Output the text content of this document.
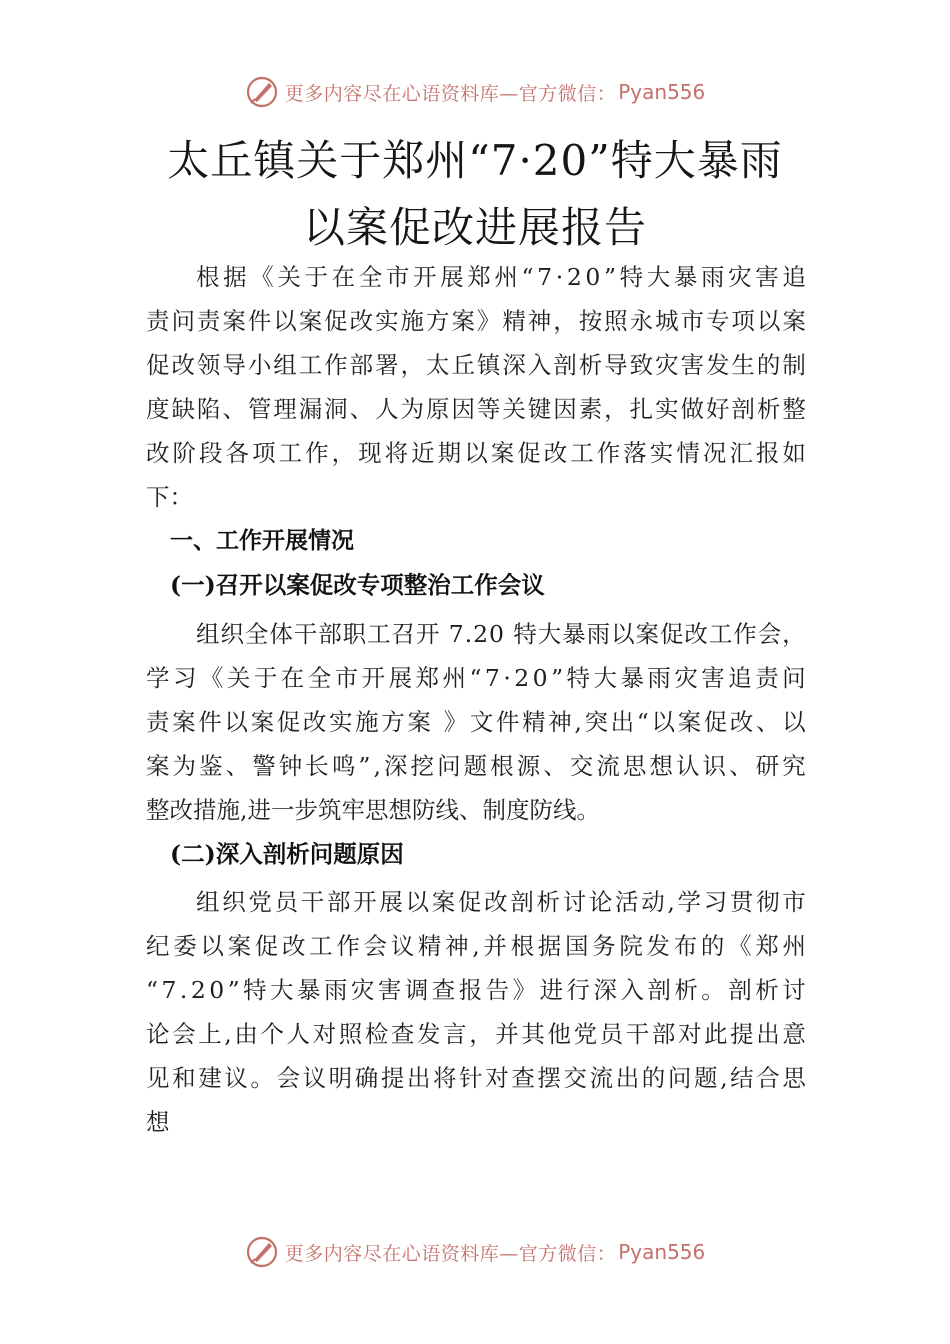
更多内容尽在心语资料库—官方微信： Pyan556
太丘镇关于郑州“7·20”特大暴雨
以案促改进展报告
根 据 《 关 于 在 全 市 开 展 郑 州 “ 7 · 2 0 ” 特 大 暴 雨 灾 害 追
责 问 责 案 件 以 案 促 改 实 施 方 案 》 精 神 ， 按 照 永 城 市 专 项 以 案
促 改 领 导 小 组 工 作 部 署 ， 太 丘 镇 深 入 剖 析 导 致 灾 害 发 生 的 制
度 缺 陷 、 管 理 漏 洞 、 人 为 原 因 等 关 键 因 素 ， 扎 实 做 好 剖 析 整
改 阶 段 各 项 工 作 ， 现 将 近 期 以 案 促 改 工 作 落 实 情 况 汇 报 如
下：
一、工作开展情况
(一)召开以案促改专项整治工作会议
组 织 全 体 干 部 职 工 召 开
7 . 2 0
特 大 暴 雨 以 案 促 改 工 作 会 ，
学 习 《 关 于 在 全 市 开 展 郑 州 “ 7 · 2 0 ” 特 大 暴 雨 灾 害 追 责 问
责 案 件 以 案 促 改 实 施 方 案
》 文 件 精 神 , 突 出 “ 以 案 促 改 、 以
案 为 鉴 、 警 钟 长 鸣 ” , 深 挖 问 题 根 源 、 交 流 思 想 认 识 、 研 究
整改措施,进一步筑牢思想防线、制度防线。
(二)深入剖析问题原因
组 织 党 员 干 部 开 展 以 案 促 改 剖 析 讨 论 活 动 , 学 习 贯 彻 市
纪 委 以 案 促 改 工 作 会 议 精 神 , 并 根 据 国 务 院 发 布 的 《 郑 州
“ 7 . 2 0 ” 特 大 暴 雨 灾 害 调 查 报 告 》 进 行 深 入 剖 析 。 剖 析 讨
论 会 上 , 由 个 人 对 照 检 查 发 言 ， 并 其 他 党 员 干 部 对 此 提 出 意
见 和 建 议 。 会 议 明 确 提 出 将 针 对 查 摆 交 流 出 的 问 题 , 结 合 思
想
更多内容尽在心语资料库—官方微信： Pyan556
